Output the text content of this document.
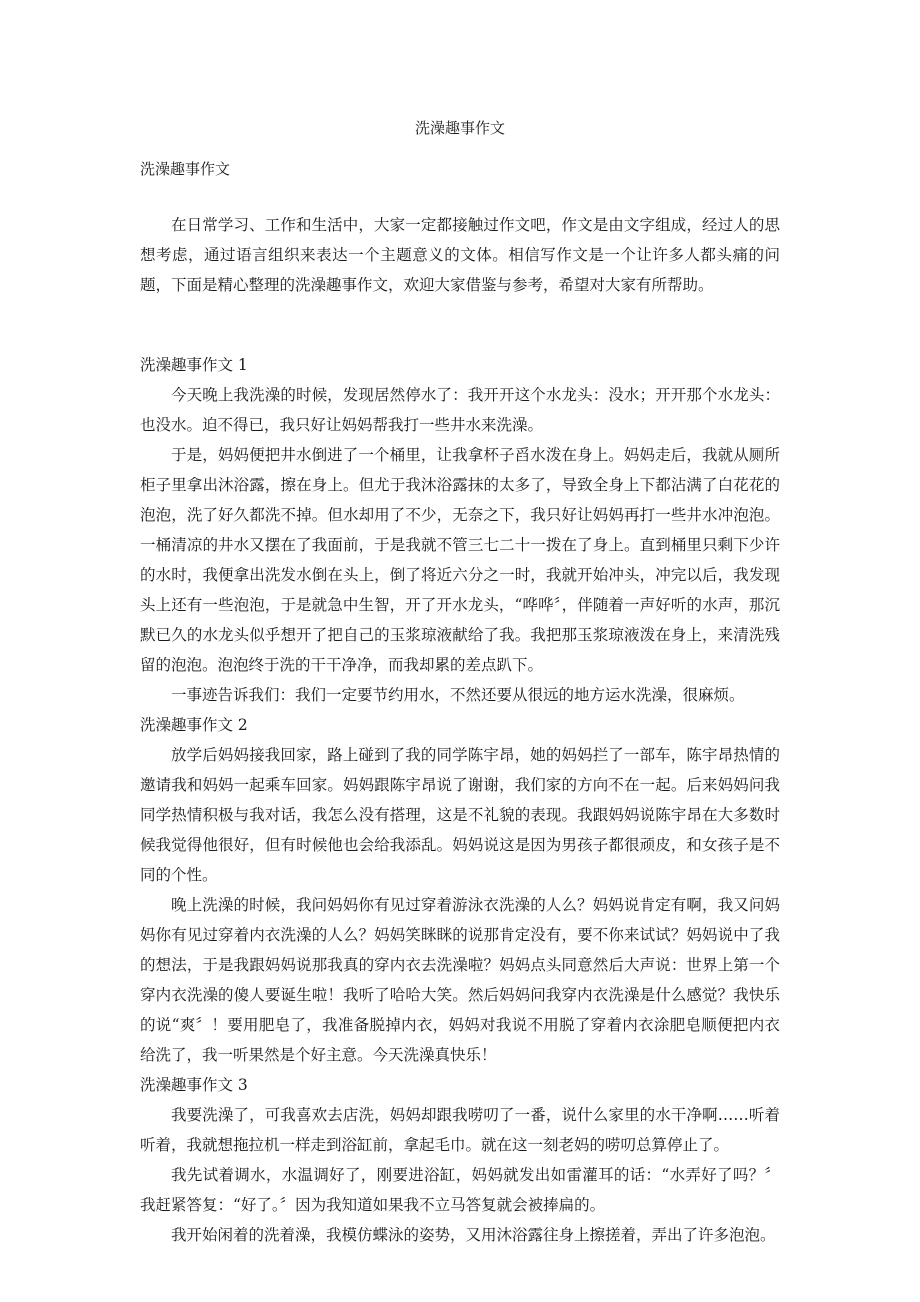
洗澡趣事作文
洗澡趣事作文

在日常学习、工作和生活中，大家一定都接触过作文吧，作文是由文字组成，经过人的思想考虑，通过语言组织来表达一个主题意义的文体。相信写作文是一个让许多人都头痛的问题，下面是精心整理的洗澡趣事作文，欢迎大家借鉴与参考，希望对大家有所帮助。

洗澡趣事作文 1

今天晚上我洗澡的时候，发现居然停水了：我开开这个水龙头：没水；开开那个水龙头：也没水。迫不得已，我只好让妈妈帮我打一些井水来洗澡。

于是，妈妈便把井水倒进了一个桶里，让我拿杯子舀水泼在身上。妈妈走后，我就从厕所柜子里拿出沐浴露，擦在身上。但尤于我沐浴露抹的太多了，导致全身上下都沾满了白花花的泡泡，洗了好久都洗不掉。但水却用了不少，无奈之下，我只好让妈妈再打一些井水冲泡泡。一桶清凉的井水又摆在了我面前，于是我就不管三七二十一拨在了身上。直到桶里只剩下少许的水时，我便拿出洗发水倒在头上，倒了将近六分之一时，我就开始冲头，冲完以后，我发现头上还有一些泡泡，于是就急中生智，开了开水龙头，“哗哗〞，伴随着一声好听的水声，那沉默已久的水龙头似乎想开了把自己的玉浆琼液献给了我。我把那玉浆琼液泼在身上，来清洗残留的泡泡。泡泡终于洗的干干净净，而我却累的差点趴下。

一事迹告诉我们：我们一定要节约用水，不然还要从很远的地方运水洗澡，很麻烦。

洗澡趣事作文 2

放学后妈妈接我回家，路上碰到了我的同学陈宇昂，她的妈妈拦了一部车，陈宇昂热情的邀请我和妈妈一起乘车回家。妈妈跟陈宇昂说了谢谢，我们家的方向不在一起。后来妈妈问我同学热情积极与我对话，我怎么没有搭理，这是不礼貌的表现。我跟妈妈说陈宇昂在大多数时候我觉得他很好，但有时候他也会给我添乱。妈妈说这是因为男孩子都很顽皮，和女孩子是不同的个性。

晚上洗澡的时候，我问妈妈你有见过穿着游泳衣洗澡的人么？妈妈说肯定有啊，我又问妈妈你有见过穿着内衣洗澡的人么？妈妈笑眯眯的说那肯定没有，要不你来试试？妈妈说中了我的想法，于是我跟妈妈说那我真的穿内衣去洗澡啦？妈妈点头同意然后大声说：世界上第一个穿内衣洗澡的傻人要诞生啦！我听了哈哈大笑。然后妈妈问我穿内衣洗澡是什么感觉？我快乐的说“爽〞！要用肥皂了，我准备脱掉内衣，妈妈对我说不用脱了穿着内衣涂肥皂顺便把内衣给洗了，我一听果然是个好主意。今天洗澡真快乐！

洗澡趣事作文 3

我要洗澡了，可我喜欢去店洗，妈妈却跟我唠叨了一番，说什么家里的水干净啊……听着听着，我就想拖拉机一样走到浴缸前，拿起毛巾。就在这一刻老妈的唠叨总算停止了。

我先试着调水，水温调好了，刚要进浴缸，妈妈就发出如雷灌耳的话：“水弄好了吗？〞我赶紧答复：“好了。〞因为我知道如果我不立马答复就会被捧扁的。

我开始闲着的洗着澡，我模仿蝶泳的姿势，又用沐浴露往身上擦搓着，弄出了许多泡泡。
